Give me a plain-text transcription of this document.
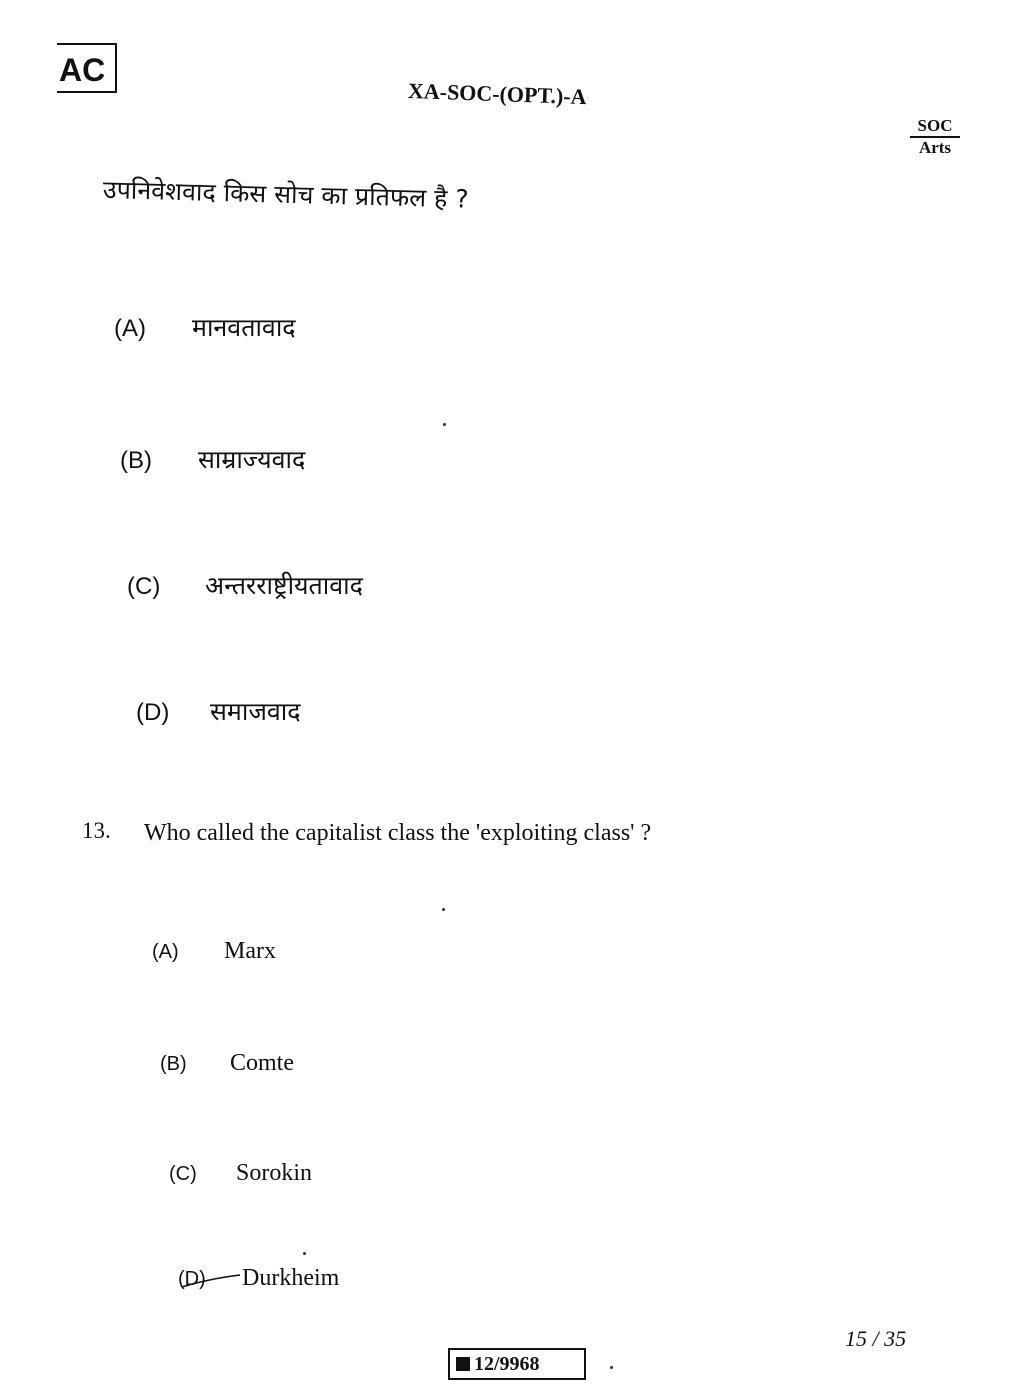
AC
XA-SOC-(OPT.)-A
SOC
Arts
उपनिवेशवाद किस सोच का प्रतिफल है ?
(A)	मानवतावाद
(B)	साम्राज्यवाद
(C)	अन्तरराष्ट्रीयतावाद
(D)	समाजवाद
13. Who called the capitalist class the 'exploiting class' ?
(A)	Marx
(B)	Comte
(C)	Sorokin
(D)	Durkheim
15 / 35
12/9968
